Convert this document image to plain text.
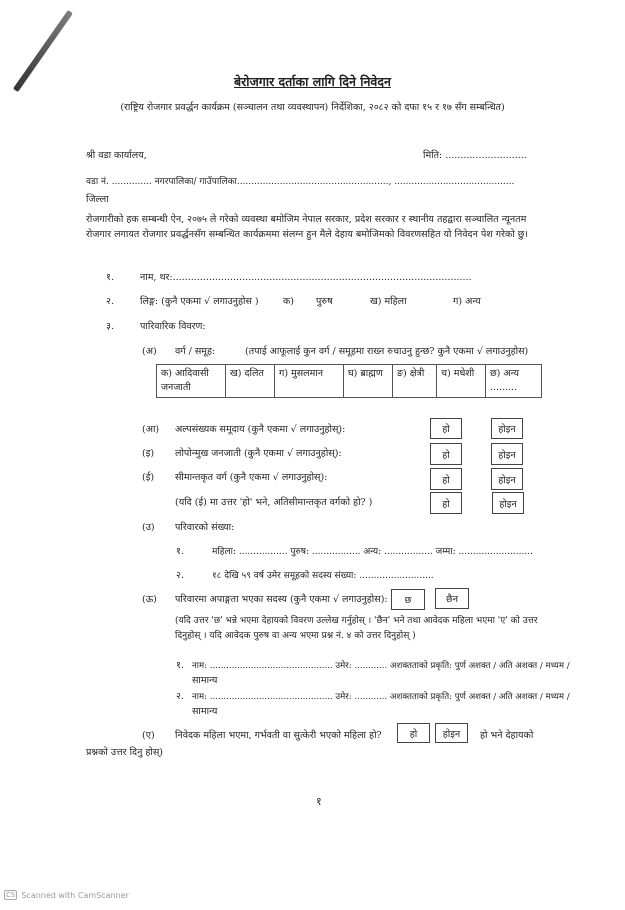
बेरोजगार दर्ताका लागि दिने निवेदन
(राष्ट्रिय रोजगार प्रवर्द्धन कार्यक्रम (सञ्चालन तथा व्यवस्थापन) निर्देशिका, २०८२ को दफा १५ र १७ सँग सम्बन्धित)
श्री वडा कार्यालय,	मिति: ...........................
वडा नं. .............. नगरपालिका/ गाउँपालिका....................................................., ..........................................
जिल्ला
रोजगारीको हक सम्बन्धी ऐन, २०७५ ले गरेको व्यवस्था बमोजिम नेपाल सरकार, प्रदेश सरकार र स्थानीय तहद्वारा सञ्चालित न्यूनतम रोजगार लगायत रोजगार प्रवर्द्धनसँग सम्बन्धित कार्यक्रममा संलग्न हुन मैले देहाय बमोजिमको विवरणसहित यो निवेदन पेश गरेको छु।
१.	नाम, थर:...................................................................................................
२.	लिङ्ग: (कुनै एकमा √ लगाउनुहोस )	क) पुरुष	ख) महिला	ग) अन्य
३.	पारिवारिक विवरण:
(अ) वर्ग / समूह:	(तपाई आफूलाई कुन वर्ग / समूहमा राख्न रुचाउनु हुन्छ? कुनै एकमा √ लगाउनुहोस)
क) आदिवासी जनजाती	ख) दलित	ग) मुसलमान	घ) ब्राह्मण	ङ) क्षेत्री	च) मधेशी	छ) अन्य .........
(आ) अल्पसंख्यक समूदाय (कुनै एकमा √ लगाउनुहोस्):	हो	होइन
(इ) लोपोन्मुख जनजाती (कुनै एकमा √ लगाउनुहोस्):	हो	होइन
(ई) सीमान्तकृत वर्ग (कुनै एकमा √ लगाउनुहोस्):	हो	होइन
(यदि (ई) मा उत्तर 'हो' भने, अतिसीमान्तकृत वर्गको हो? )	हो	होइन
(उ) परिवारको संख्या:
१.	महिला: ................. पुरुष: ................. अन्य: ................. जम्मा: ..........................
२.	१८ देखि ५९ वर्ष उमेर समूहको सदस्य संख्या: ..........................
(ऊ) परिवारमा अपाङ्गता भएका सदस्य (कुनै एकमा √ लगाउनुहोस):	छ	छैन
(यदि उत्तर 'छ' भन्ने भएमा देहायको विवरण उल्लेख गर्नुहोस् । 'छैन' भने तथा आवेदक महिला भएमा 'ए' को उत्तर दिनुहोस् । यदि आवेदक पुरुष वा अन्य भएमा प्रश्न नं. ४ को उत्तर दिनुहोस् )
१. नाम: ............................................. उमेर: ............ अशक्तताको प्रकृति: पुर्ण अशक्त / अति अशक्त / मध्यम /
सामान्य
२. नाम: ............................................. उमेर: ............ अशक्तताको प्रकृति: पुर्ण अशक्त / अति अशक्त / मध्यम /
सामान्य
(ए) निवेदक महिला भएमा, गर्भवती वा सुत्केरी भएको महिला हो?	हो	होइन	हो भने देहायको
प्रश्नको उत्तर दिनु होस्)
१
CS Scanned with CamScanner
